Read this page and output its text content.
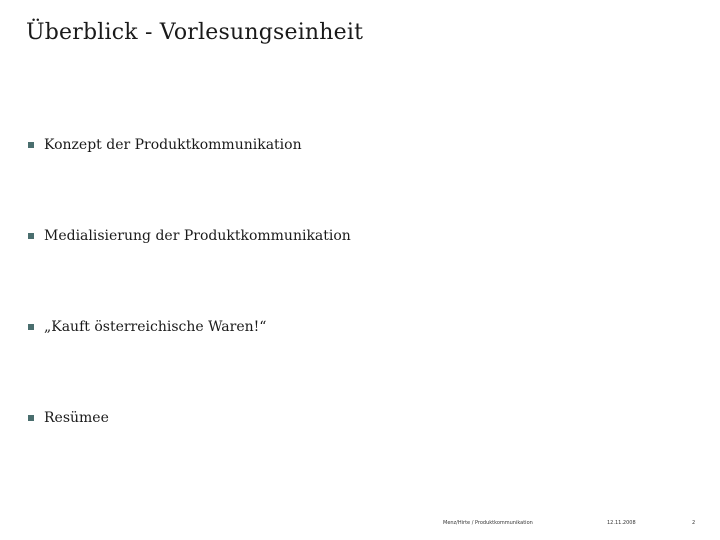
Überblick - Vorlesungseinheit
Konzept der Produktkommunikation
Medialisierung der Produktkommunikation
„Kauft österreichische Waren!“
Resümee
Menz/Hirte / Produktkommunikation	12.11.2008	2
